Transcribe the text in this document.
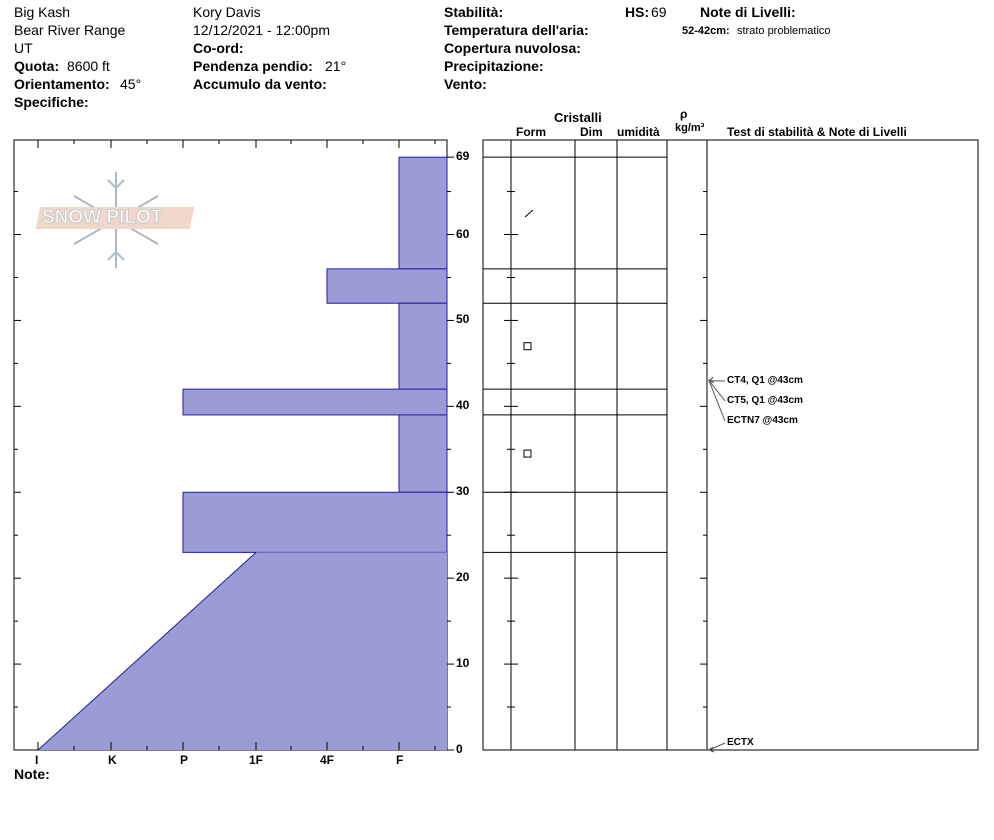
Big Kash
Bear River Range
UT
Quota: 8600 ft
Orientamento: 45°
Specifiche:
Kory Davis
12/12/2021 - 12:00pm
Co-ord:
Pendenza pendio: 21°
Accumulo da vento:
Stabilità:
Temperatura dell'aria:
Copertura nuvolosa:
Precipitazione:
Vento:
HS: 69 Note di Livelli:
52-42cm: strato problematico
Cristalli
Form	Dim umidità
ρ
kg/m³ Test di stabilità & Note di Livelli
SNOW PILOT
I	K	P	1F	4F	F
0
10
20
30
40
50
60
69
CT4, Q1 @43cm
CT5, Q1 @43cm
ECTN7 @43cm
ECTX
Note:
